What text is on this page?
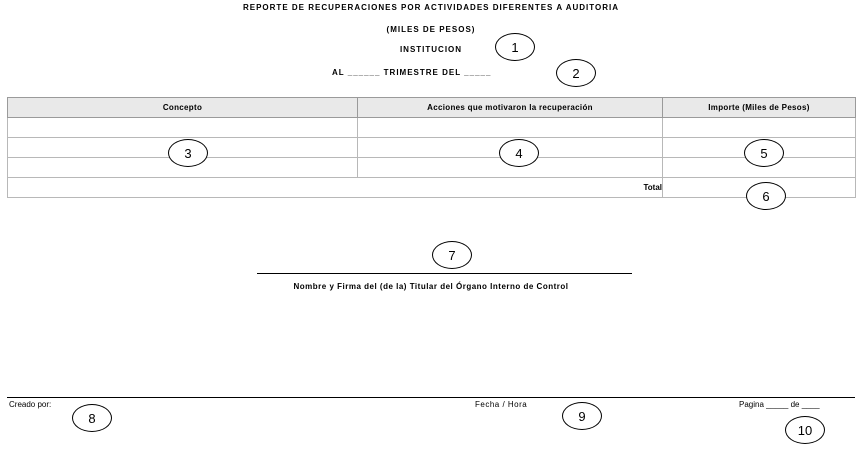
REPORTE DE RECUPERACIONES POR ACTIVIDADES DIFERENTES A AUDITORIA
(MILES DE PESOS)
INSTITUCION
AL ______ TRIMESTRE DEL _____
1
2
Concepto	Acciones que motivaron la recuperación	Importe (Miles de Pesos)

Total		
3	4	5
6
7
Nombre y Firma del (de la) Titular del Órgano Interno de Control
Creado por:	Fecha / Hora	Pagina _____ de ____
8	9
10
